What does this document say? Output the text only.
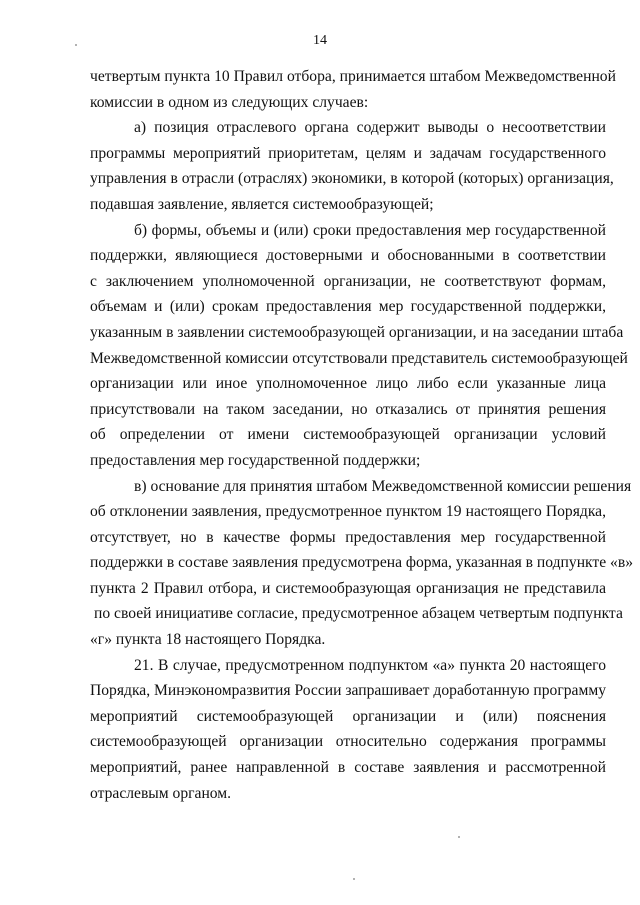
14
четвертым пункта 10 Правил отбора, принимается штабом Межведомственной
комиссии в одном из следующих случаев:
а) позиция отраслевого органа содержит выводы о несоответствии
программы мероприятий приоритетам, целям и задачам государственного
управления в отрасли (отраслях) экономики, в которой (которых) организация,
подавшая заявление, является системообразующей;
б) формы, объемы и (или) сроки предоставления мер государственной
поддержки, являющиеся достоверными и обоснованными в соответствии
с заключением уполномоченной организации, не соответствуют формам,
объемам и (или) срокам предоставления мер государственной поддержки,
указанным в заявлении системообразующей организации, и на заседании штаба
Межведомственной комиссии отсутствовали представитель системообразующей
организации или иное уполномоченное лицо либо если указанные лица
присутствовали на таком заседании, но отказались от принятия решения
об определении от имени системообразующей организации условий
предоставления мер государственной поддержки;
в) основание для принятия штабом Межведомственной комиссии решения
об отклонении заявления, предусмотренное пунктом 19 настоящего Порядка,
отсутствует, но в качестве формы предоставления мер государственной
поддержки в составе заявления предусмотрена форма, указанная в подпункте «в»
пункта 2 Правил отбора, и системообразующая организация не представила
по своей инициативе согласие, предусмотренное абзацем четвертым подпункта
«г» пункта 18 настоящего Порядка.
21. В случае, предусмотренном подпунктом «а» пункта 20 настоящего
Порядка, Минэкономразвития России запрашивает доработанную программу
мероприятий системообразующей организации и (или) пояснения
системообразующей организации относительно содержания программы
мероприятий, ранее направленной в составе заявления и рассмотренной
отраслевым органом.
